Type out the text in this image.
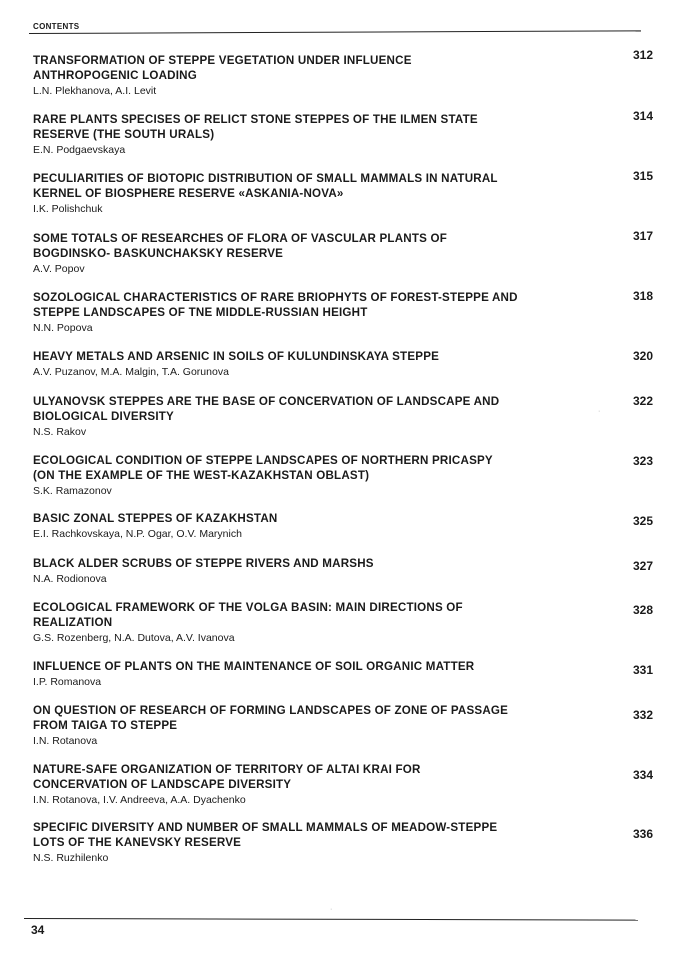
CONTENTS
TRANSFORMATION OF STEPPE VEGETATION UNDER INFLUENCE
ANTHROPOGENIC LOADING
L.N. Plekhanova, A.I. Levit
312
RARE PLANTS SPECISES OF RELICT STONE STEPPES OF THE ILMEN STATE
RESERVE (THE SOUTH URALS)
E.N. Podgaevskaya
314
PECULIARITIES OF BIOTOPIC DISTRIBUTION OF SMALL MAMMALS IN NATURAL
KERNEL OF BIOSPHERE RESERVE «ASKANIA-NOVA»
I.K. Polishchuk
315
SOME TOTALS OF RESEARCHES OF FLORA OF VASCULAR PLANTS OF
BOGDINSKO- BASKUNCHAKSKY RESERVE
A.V. Popov
317
SOZOLOGICAL CHARACTERISTICS OF RARE BRIOPHYTS OF FOREST-STEPPE AND
STEPPE LANDSCAPES OF TNE MIDDLE-RUSSIAN HEIGHT
N.N. Popova
318
HEAVY METALS AND ARSENIC IN SOILS OF KULUNDINSKAYA STEPPE
A.V. Puzanov, M.A. Malgin, T.A. Gorunova
320
ULYANOVSK STEPPES ARE THE BASE OF CONCERVATION OF LANDSCAPE AND
BIOLOGICAL DIVERSITY
N.S. Rakov
322
ECOLOGICAL CONDITION OF STEPPE LANDSCAPES OF NORTHERN PRICASPY
(ON THE EXAMPLE OF THE WEST-KAZAKHSTAN OBLAST)
S.K. Ramazonov
323
BASIC ZONAL STEPPES OF KAZAKHSTAN
E.I. Rachkovskaya, N.P. Ogar, O.V. Marynich
325
BLACK ALDER SCRUBS OF STEPPE RIVERS AND MARSHS
N.A. Rodionova
327
ECOLOGICAL FRAMEWORK OF THE VOLGA BASIN: MAIN DIRECTIONS OF
REALIZATION
G.S. Rozenberg, N.A. Dutova, A.V. Ivanova
328
INFLUENCE OF PLANTS ON THE MAINTENANCE OF SOIL ORGANIC MATTER
I.P. Romanova
331
ON QUESTION OF RESEARCH OF FORMING LANDSCAPES OF ZONE OF PASSAGE
FROM TAIGA TO STEPPE
I.N. Rotanova
332
NATURE-SAFE ORGANIZATION OF TERRITORY OF ALTAI KRAI FOR
CONCERVATION OF LANDSCAPE DIVERSITY
I.N. Rotanova, I.V. Andreeva, A.A. Dyachenko
334
SPECIFIC DIVERSITY AND NUMBER OF SMALL MAMMALS OF MEADOW-STEPPE
LOTS OF THE KANEVSKY RESERVE
N.S. Ruzhilenko
336
·
·
34
